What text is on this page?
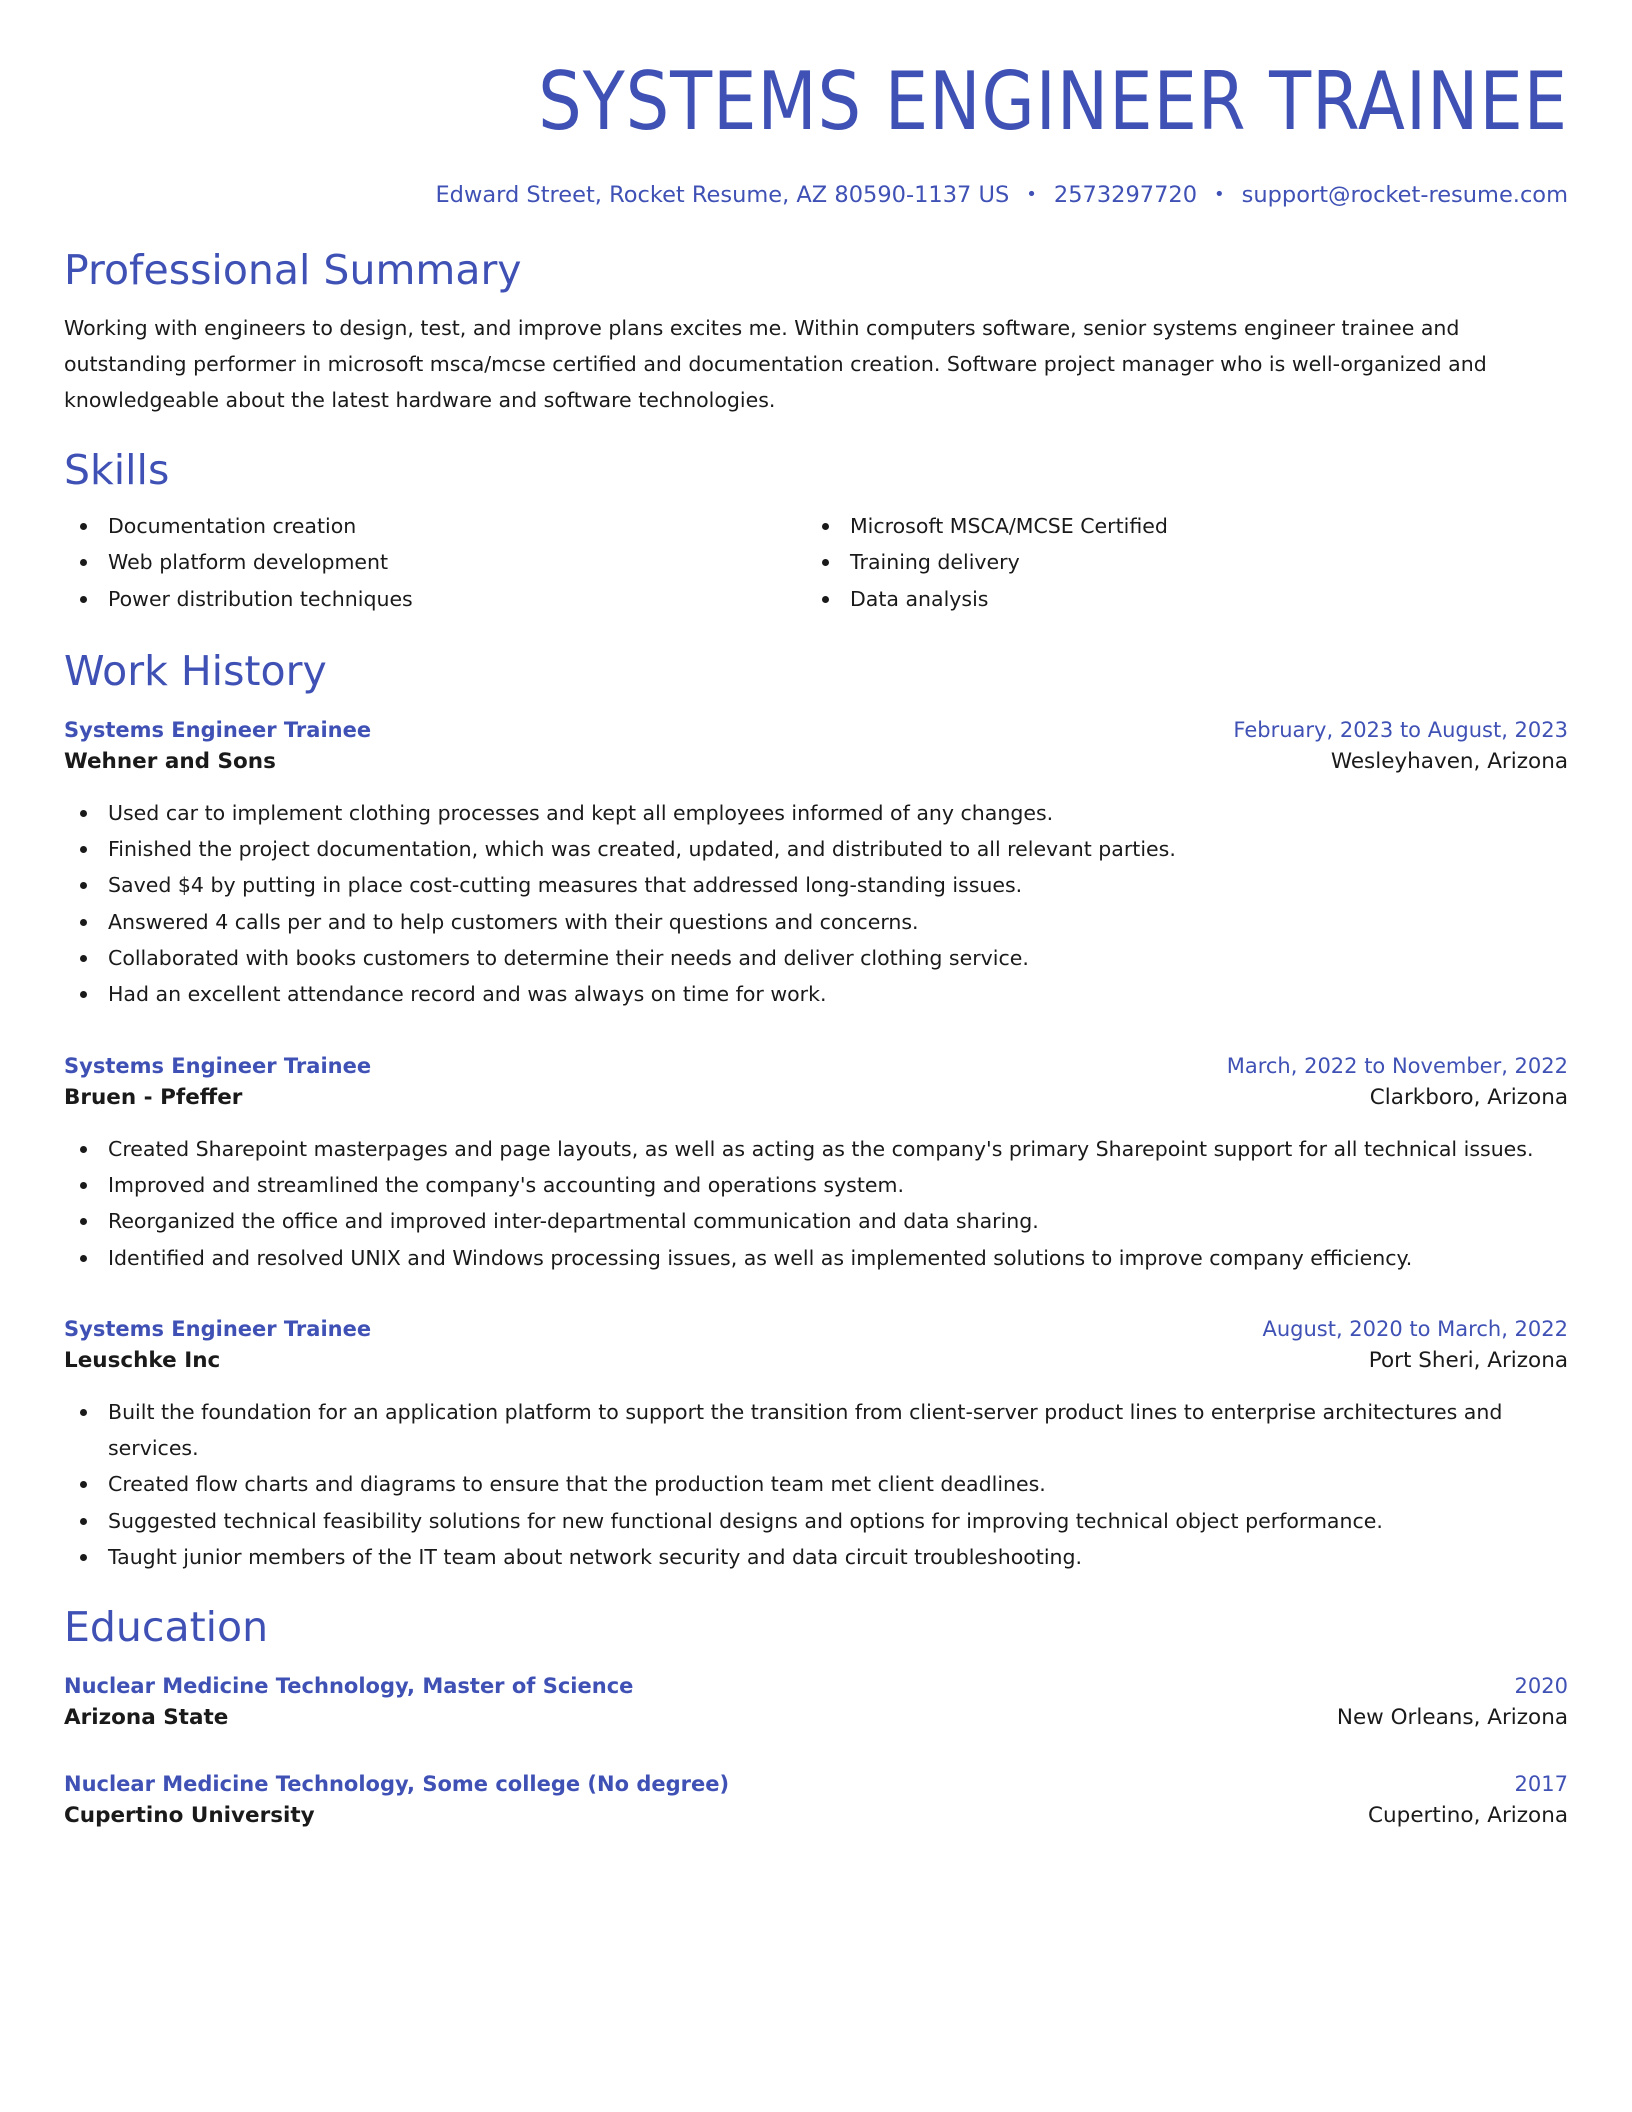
SYSTEMS ENGINEER TRAINEE
Edward Street, Rocket Resume, AZ 80590-1137 US • 2573297720 • support@rocket-resume.com
Professional Summary
Working with engineers to design, test, and improve plans excites me. Within computers software, senior systems engineer trainee and outstanding performer in microsoft msca/mcse certified and documentation creation. Software project manager who is well-organized and knowledgeable about the latest hardware and software technologies.
Skills
Documentation creation
Web platform development
Power distribution techniques
Microsoft MSCA/MCSE Certified
Training delivery
Data analysis
Work History
Systems Engineer Trainee	February, 2023 to August, 2023
Wehner and Sons	Wesleyhaven, Arizona
Used car to implement clothing processes and kept all employees informed of any changes.
Finished the project documentation, which was created, updated, and distributed to all relevant parties.
Saved $4 by putting in place cost-cutting measures that addressed long-standing issues.
Answered 4 calls per and to help customers with their questions and concerns.
Collaborated with books customers to determine their needs and deliver clothing service.
Had an excellent attendance record and was always on time for work.
Systems Engineer Trainee	March, 2022 to November, 2022
Bruen - Pfeffer	Clarkboro, Arizona
Created Sharepoint masterpages and page layouts, as well as acting as the company's primary Sharepoint support for all technical issues.
Improved and streamlined the company's accounting and operations system.
Reorganized the office and improved inter-departmental communication and data sharing.
Identified and resolved UNIX and Windows processing issues, as well as implemented solutions to improve company efficiency.
Systems Engineer Trainee	August, 2020 to March, 2022
Leuschke Inc	Port Sheri, Arizona
Built the foundation for an application platform to support the transition from client-server product lines to enterprise architectures and services.
Created flow charts and diagrams to ensure that the production team met client deadlines.
Suggested technical feasibility solutions for new functional designs and options for improving technical object performance.
Taught junior members of the IT team about network security and data circuit troubleshooting.
Education
Nuclear Medicine Technology, Master of Science	2020
Arizona State	New Orleans, Arizona
Nuclear Medicine Technology, Some college (No degree)	2017
Cupertino University	Cupertino, Arizona
